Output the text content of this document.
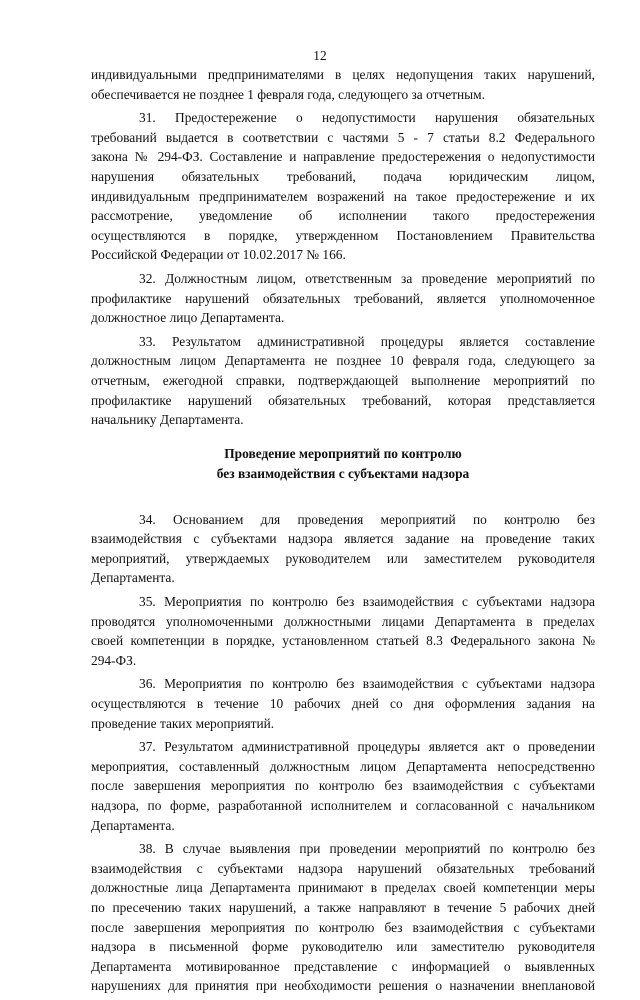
12
индивидуальными предпринимателями в целях недопущения таких нарушений,
обеспечивается не позднее 1 февраля года, следующего за отчетным.
31. Предостережение о недопустимости нарушения обязательных
требований выдается в соответствии с частями 5 - 7 статьи 8.2 Федерального
закона № 294-ФЗ. Составление и направление предостережения о недопустимости
нарушения обязательных требований, подача юридическим лицом,
индивидуальным предпринимателем возражений на такое предостережение и их
рассмотрение, уведомление об исполнении такого предостережения
осуществляются в порядке, утвержденном Постановлением Правительства
Российской Федерации от 10.02.2017 № 166.
32. Должностным лицом, ответственным за проведение мероприятий по
профилактике нарушений обязательных требований, является уполномоченное
должностное лицо Департамента.
33. Результатом административной процедуры является составление
должностным лицом Департамента не позднее 10 февраля года, следующего за
отчетным, ежегодной справки, подтверждающей выполнение мероприятий по
профилактике нарушений обязательных требований, которая представляется
начальнику Департамента.
Проведение мероприятий по контролю
без взаимодействия с субъектами надзора
34. Основанием для проведения мероприятий по контролю без
взаимодействия с субъектами надзора является задание на проведение таких
мероприятий, утверждаемых руководителем или заместителем руководителя
Департамента.
35. Мероприятия по контролю без взаимодействия с субъектами надзора
проводятся уполномоченными должностными лицами Департамента в пределах
своей компетенции в порядке, установленном статьей 8.3 Федерального закона №
294-ФЗ.
36. Мероприятия по контролю без взаимодействия с субъектами надзора
осуществляются в течение 10 рабочих дней со дня оформления задания на
проведение таких мероприятий.
37. Результатом административной процедуры является акт о проведении
мероприятия, составленный должностным лицом Департамента непосредственно
после завершения мероприятия по контролю без взаимодействия с субъектами
надзора, по форме, разработанной исполнителем и согласованной с начальником
Департамента.
38. В случае выявления при проведении мероприятий по контролю без
взаимодействия с субъектами надзора нарушений обязательных требований
должностные лица Департамента принимают в пределах своей компетенции меры
по пресечению таких нарушений, а также направляют в течение 5 рабочих дней
после завершения мероприятия по контролю без взаимодействия с субъектами
надзора в письменной форме руководителю или заместителю руководителя
Департамента мотивированное представление с информацией о выявленных
нарушениях для принятия при необходимости решения о назначении внеплановой
